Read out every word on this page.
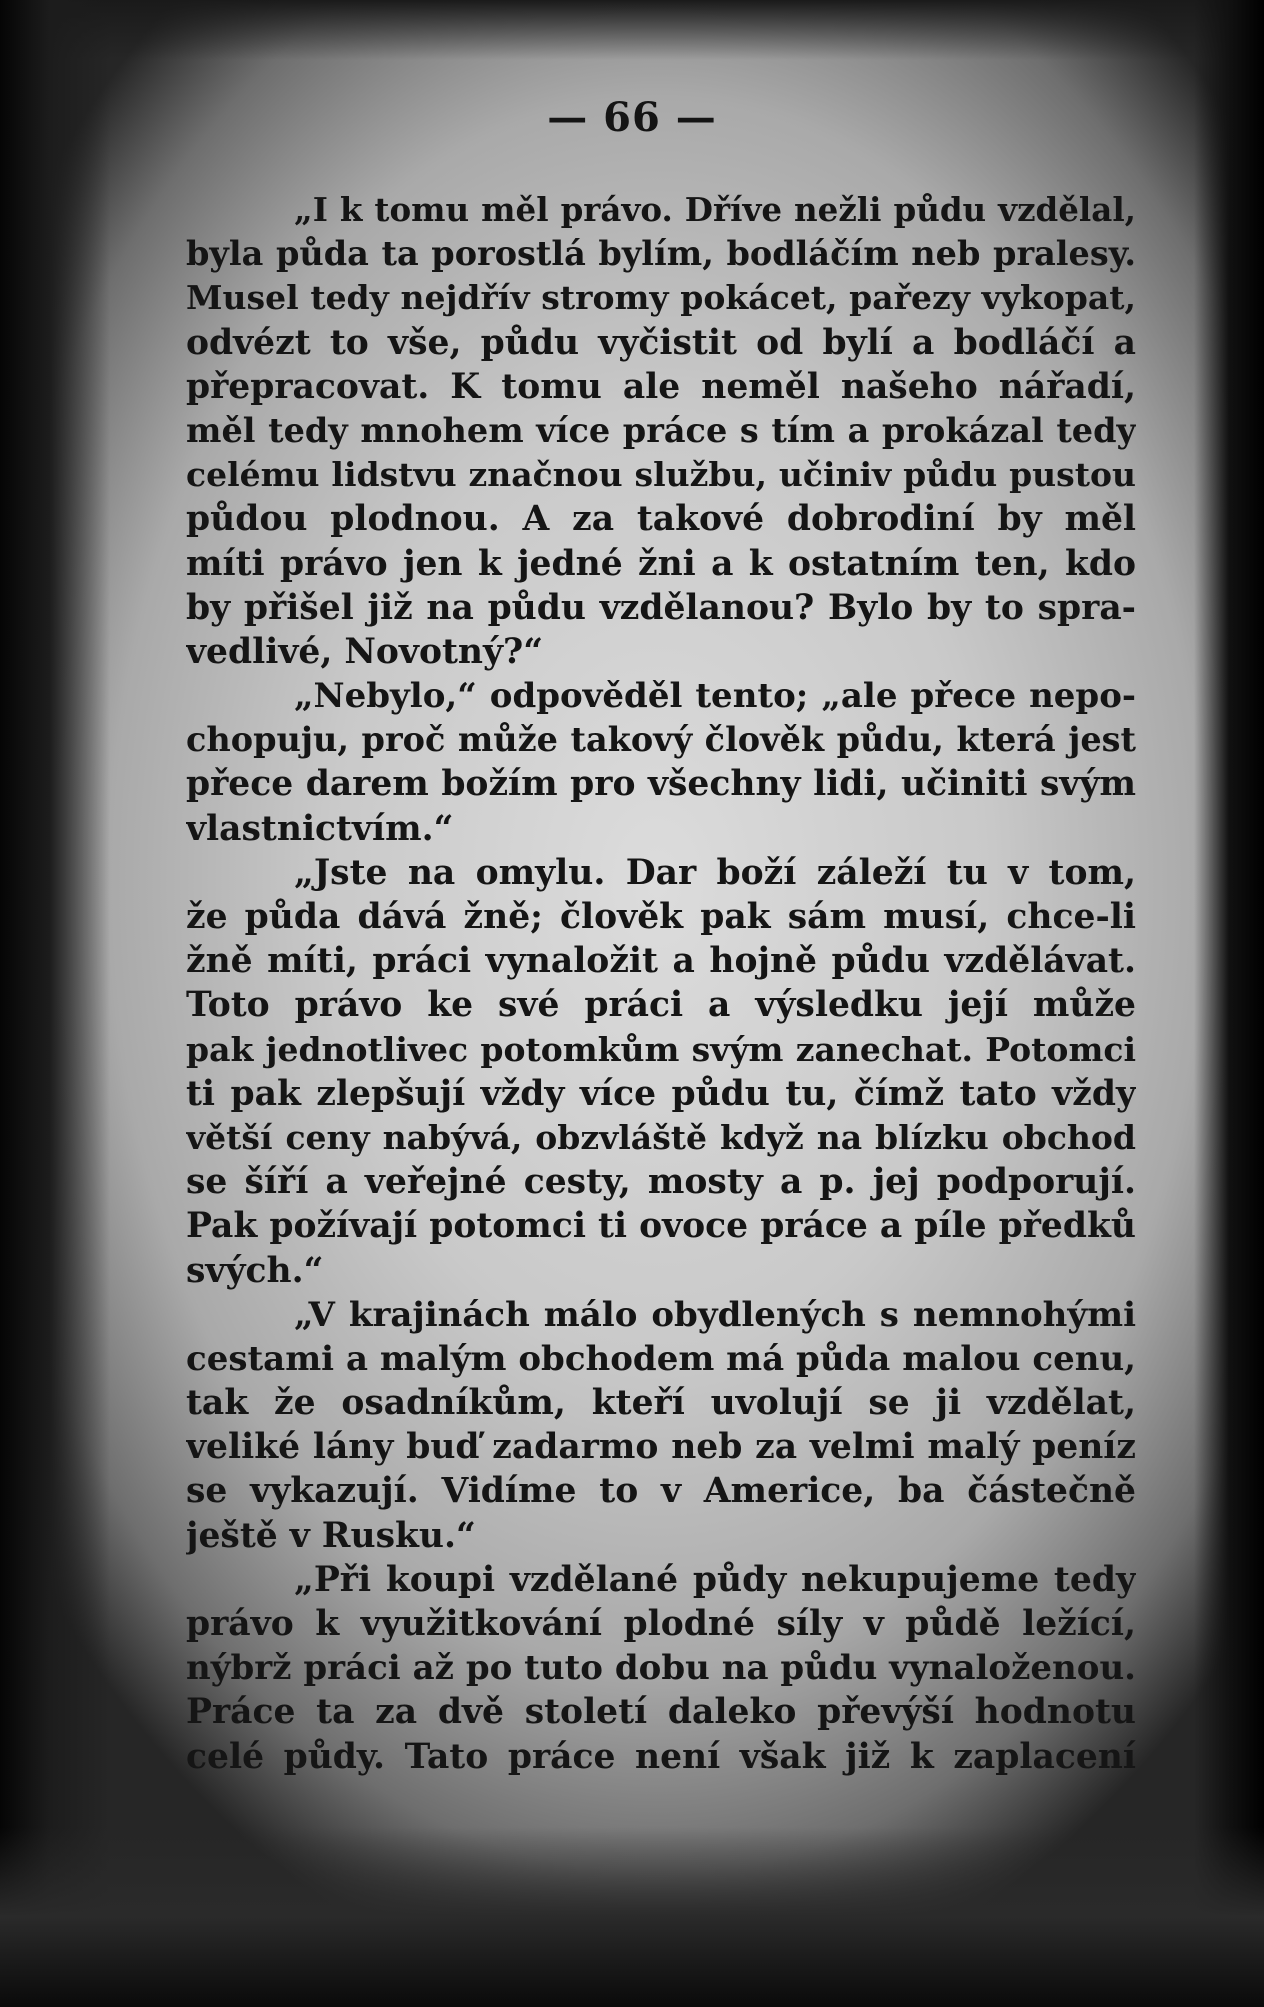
— 66 —
„I k tomu měl právo. Dříve nežli půdu vzdělal,
byla půda ta porostlá bylím, bodláčím neb pralesy.
Musel tedy nejdřív stromy pokácet, pařezy vykopat,
odvézt to vše, půdu vyčistit od bylí a bodláčí a
přepracovat. K tomu ale neměl našeho nářadí,
měl tedy mnohem více práce s tím a prokázal tedy
celému lidstvu značnou službu, učiniv půdu pustou
půdou plodnou. A za takové dobrodiní by měl
míti právo jen k jedné žni a k ostatním ten, kdo
by přišel již na půdu vzdělanou? Bylo by to spra-
vedlivé, Novotný?“
„Nebylo,“ odpověděl tento; „ale přece nepo-
chopuju, proč může takový člověk půdu, která jest
přece darem božím pro všechny lidi, učiniti svým
vlastnictvím.“
„Jste na omylu. Dar boží záleží tu v tom,
že půda dává žně; člověk pak sám musí, chce-li
žně míti, práci vynaložit a hojně půdu vzdělávat.
Toto právo ke své práci a výsledku její může
pak jednotlivec potomkům svým zanechat. Potomci
ti pak zlepšují vždy více půdu tu, čímž tato vždy
větší ceny nabývá, obzvláště když na blízku obchod
se šíří a veřejné cesty, mosty a p. jej podporují.
Pak požívají potomci ti ovoce práce a píle předků
svých.“
„V krajinách málo obydlených s nemnohými
cestami a malým obchodem má půda malou cenu,
tak že osadníkům, kteří uvolují se ji vzdělat,
veliké lány buď zadarmo neb za velmi malý peníz
se vykazují. Vidíme to v Americe, ba částečně
ještě v Rusku.“
„Při koupi vzdělané půdy nekupujeme tedy
právo k využitkování plodné síly v půdě ležící,
nýbrž práci až po tuto dobu na půdu vynaloženou.
Práce ta za dvě století daleko převýší hodnotu
celé půdy. Tato práce není však již k zaplacení
